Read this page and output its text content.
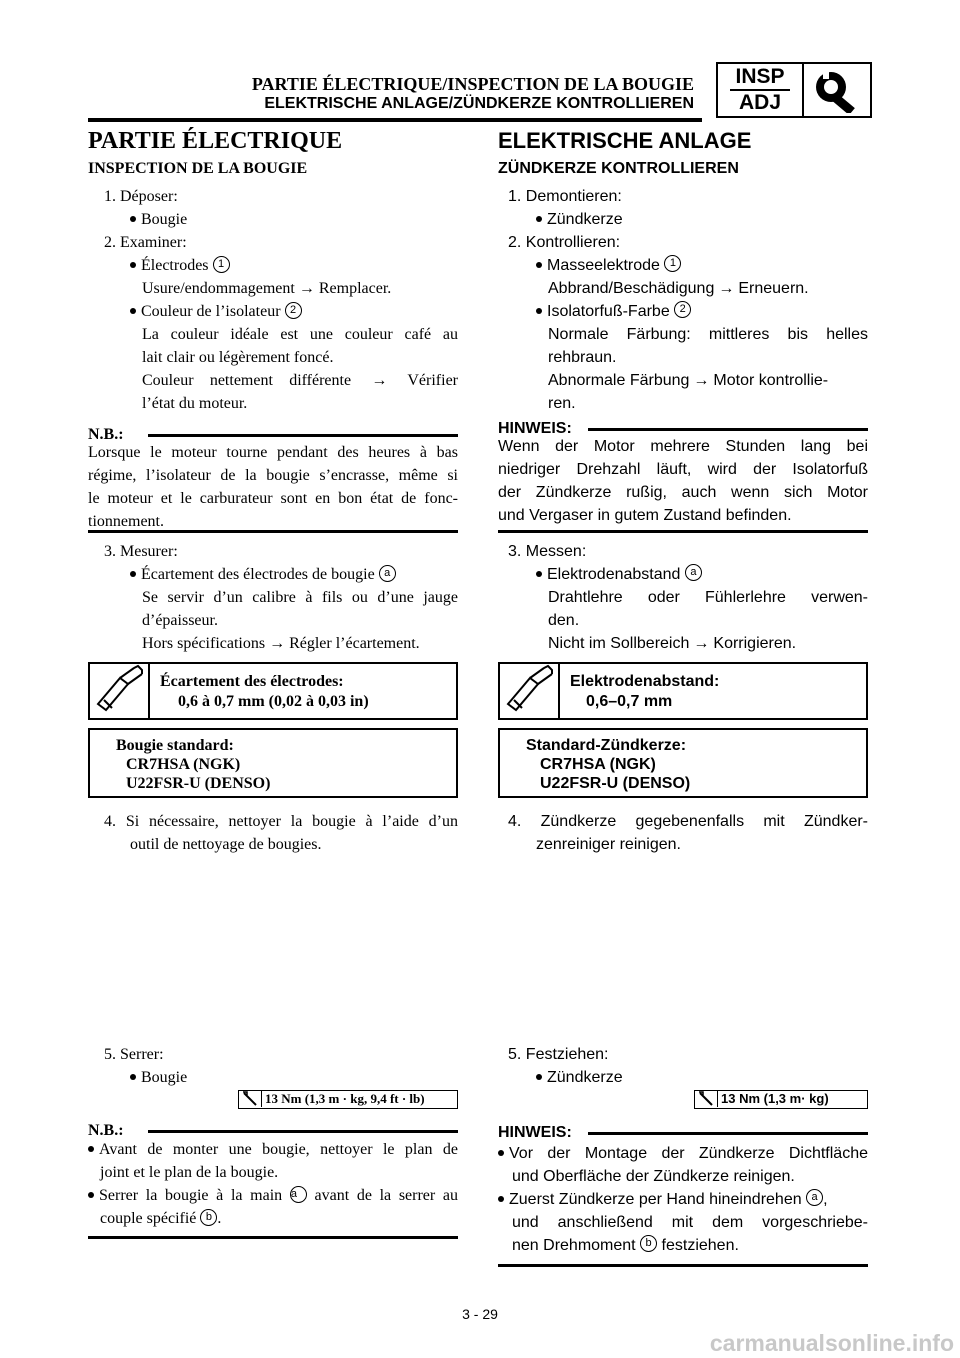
PARTIE ÉLECTRIQUE/INSPECTION DE LA BOUGIE
ELEKTRISCHE ANLAGE/ZÜNDKERZE KONTROLLIEREN
INSP
ADJ
PARTIE ÉLECTRIQUE
INSPECTION DE LA BOUGIE
1. Déposer:
Bougie
2. Examiner:
Électrodes 1
Usure/endommagement → Remplacer.
Couleur de l’isolateur 2
La couleur idéale est une couleur café au
lait clair ou légèrement foncé.
Couleur nettement différente → Vérifier
l’état du moteur.
N.B.:
Lorsque le moteur tourne pendant des heures à bas
régime, l’isolateur de la bougie s’encrasse, même si
le moteur et le carburateur sont en bon état de fonc-
tionnement.
3. Mesurer:
Écartement des électrodes de bougie a
Se servir d’un calibre à fils ou d’une jauge
d’épaisseur.
Hors spécifications → Régler l’écartement.
Écartement des électrodes:
0,6 à 0,7 mm (0,02 à 0,03 in)
Bougie standard:
CR7HSA (NGK)
U22FSR-U (DENSO)
4. Si nécessaire, nettoyer la bougie à l’aide d’un
outil de nettoyage de bougies.
5. Serrer:
Bougie
13 Nm (1,3 m · kg, 9,4 ft · lb)
N.B.:
Avant de monter une bougie, nettoyer le plan de
joint et le plan de la bougie.
Serrer la bougie à la main a avant de la serrer au
couple spécifié b .
ELEKTRISCHE ANLAGE
ZÜNDKERZE KONTROLLIEREN
1. Demontieren:
Zündkerze
2. Kontrollieren:
Masseelektrode 1
Abbrand/Beschädigung → Erneuern.
Isolatorfuß-Farbe 2
Normale Färbung: mittleres bis helles
rehbraun.
Abnormale Färbung → Motor kontrollie-
ren.
HINWEIS:
Wenn der Motor mehrere Stunden lang bei
niedriger Drehzahl läuft, wird der Isolatorfuß
der Zündkerze rußig, auch wenn sich Motor
und Vergaser in gutem Zustand befinden.
3. Messen:
Elektrodenabstand a
Drahtlehre oder Fühlerlehre verwen-
den.
Nicht im Sollbereich → Korrigieren.
Elektrodenabstand:
0,6–0,7 mm
Standard-Zündkerze:
CR7HSA (NGK)
U22FSR-U (DENSO)
4. Zündkerze gegebenenfalls mit Zündker-
zenreiniger reinigen.
5. Festziehen:
Zündkerze
13 Nm (1,3 m· kg)
HINWEIS:
Vor der Montage der Zündkerze Dichtfläche
und Oberfläche der Zündkerze reinigen.
Zuerst Zündkerze per Hand hineindrehen a ,
und anschließend mit dem vorgeschriebe-
nen Drehmoment b festziehen.
3 - 29
carmanualsonline.info
